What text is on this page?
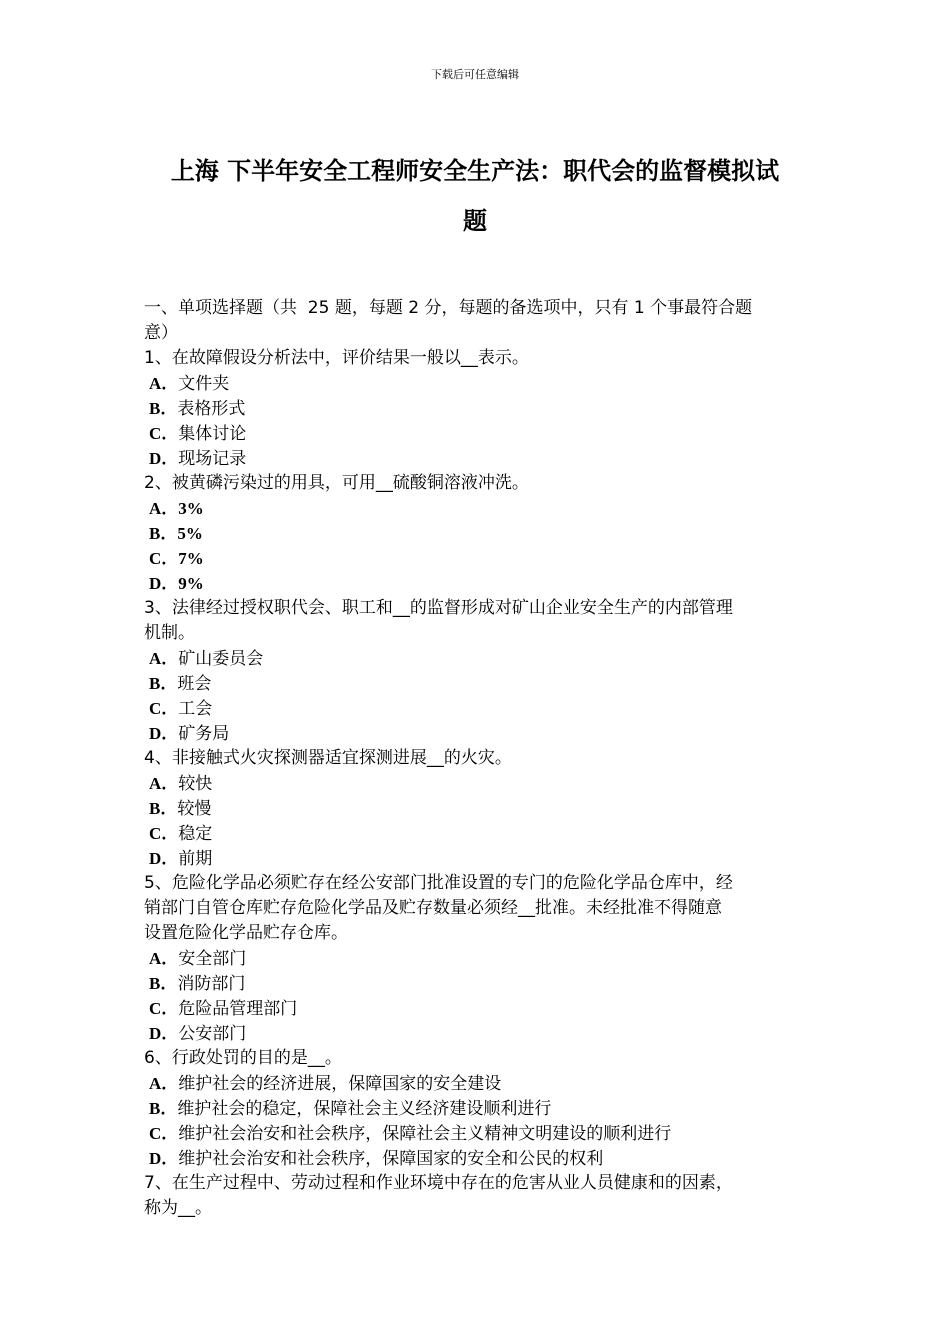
下载后可任意编辑
上海 下半年安全工程师安全生产法：职代会的监督模拟试
题
一、单项选择题（共  25 题，每题 2 分，每题的备选项中，只有 1 个事最符合题
意）
1、在故障假设分析法中，评价结果一般以__表示。
A．文件夹
B．表格形式
C．集体讨论
D．现场记录
2、被黄磷污染过的用具，可用__硫酸铜溶液冲洗。
A．3%
B．5%
C．7%
D．9%
3、法律经过授权职代会、职工和__的监督形成对矿山企业安全生产的内部管理
机制。
A．矿山委员会
B．班会
C．工会
D．矿务局
4、非接触式火灾探测器适宜探测进展__的火灾。
A．较快
B．较慢
C．稳定
D．前期
5、危险化学品必须贮存在经公安部门批准设置的专门的危险化学品仓库中，经
销部门自管仓库贮存危险化学品及贮存数量必须经__批准。未经批准不得随意
设置危险化学品贮存仓库。
A．安全部门
B．消防部门
C．危险品管理部门
D．公安部门
6、行政处罚的目的是__。
A．维护社会的经济进展，保障国家的安全建设
B．维护社会的稳定，保障社会主义经济建设顺利进行
C．维护社会治安和社会秩序，保障社会主义精神文明建设的顺利进行
D．维护社会治安和社会秩序，保障国家的安全和公民的权利
7、在生产过程中、劳动过程和作业环境中存在的危害从业人员健康和的因素，
称为__。
